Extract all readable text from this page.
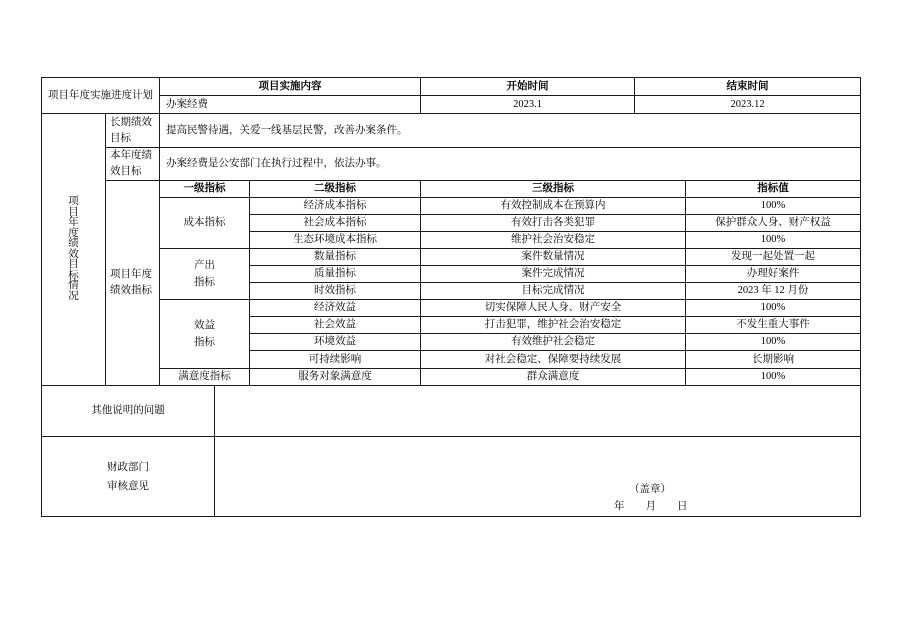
项目年度实施进度计划
项目实施内容	开始时间	结束时间
办案经费	2023.1	2023.12
项目年度绩效目标情况
长期绩效目标
提高民警待遇，关爱一线基层民警，改善办案条件。
本年度绩效目标
办案经费是公安部门在执行过程中，依法办事。
项目年度绩效指标
一级指标	二级指标	三级指标	指标值
成本指标
经济成本指标	有效控制成本在预算内	100%
社会成本指标	有效打击各类犯罪	保护群众人身、财产权益
生态环境成本指标	维护社会治安稳定	100%
产出指标
数量指标	案件数量情况	发现一起处置一起
质量指标	案件完成情况	办理好案件
时效指标	目标完成情况	2023 年 12 月份
效益指标
经济效益	切实保障人民人身、财产安全	100%
社会效益	打击犯罪，维护社会治安稳定	不发生重大事件
环境效益	有效维护社会稳定	100%
可持续影响	对社会稳定、保障要持续发展	长期影响
满意度指标	服务对象满意度	群众满意度	100%
其他说明的问题
财政部门审核意见	（盖章）
年　　月　　日
